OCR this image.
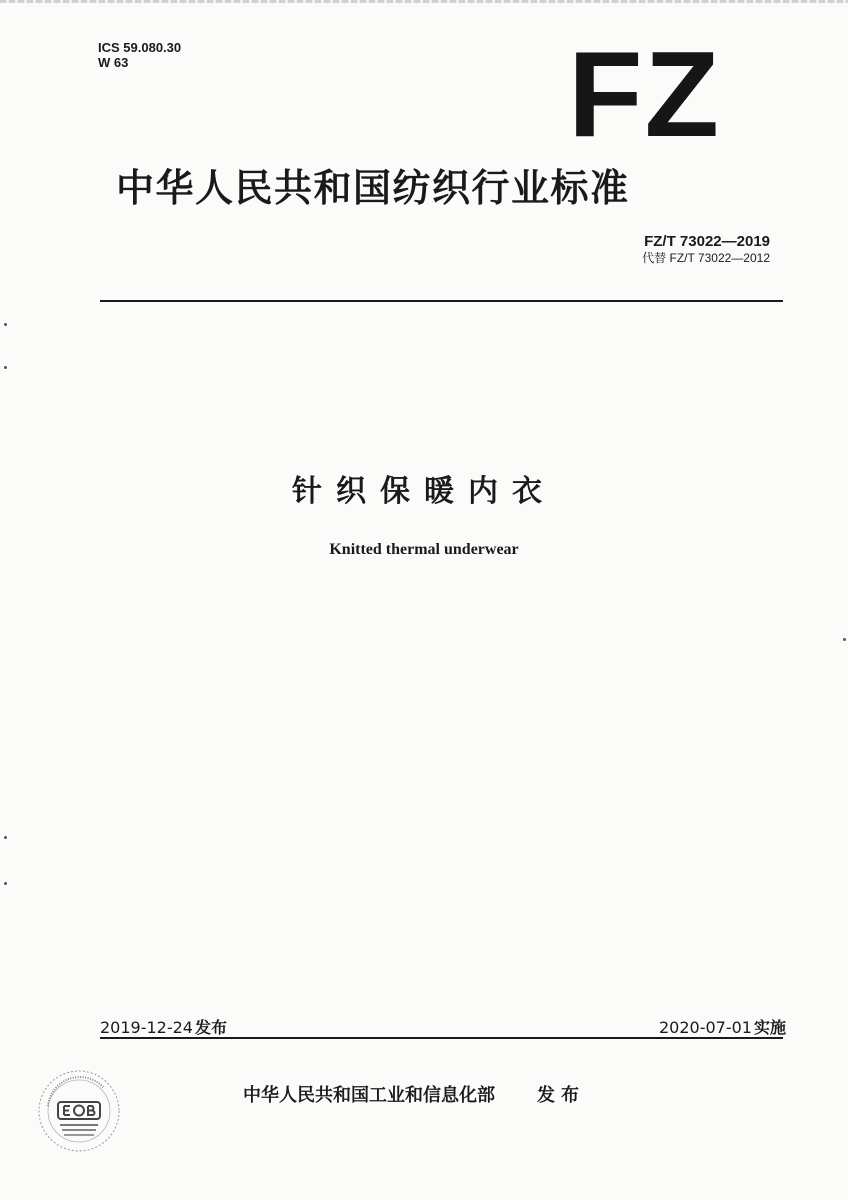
ICS 59.080.30
W 63	FZ
中华人民共和国纺织行业标准
FZ/T 73022—2019
代替 FZ/T 73022—2012
针织保暖内衣
Knitted thermal underwear
2019-12-24 发布	2020-07-01 实施
中华人民共和国工业和信息化部 发布
